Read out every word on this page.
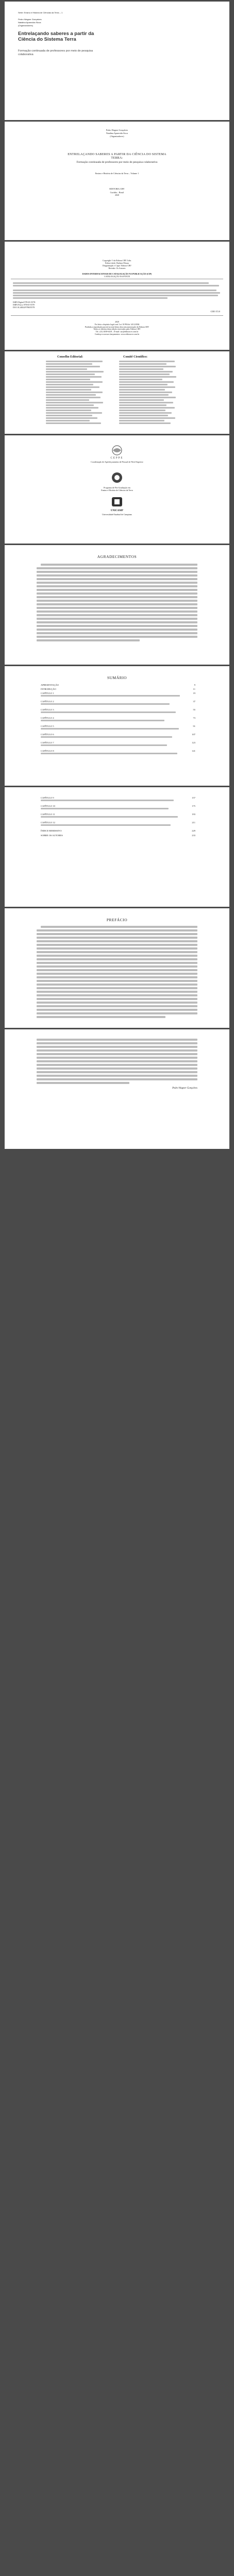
Série: Ensino e História de Ciências da Terra – 1
Pedro Wagner Gonçalves
Natalina Aparecida Sicca
(Organizadores)
Entrelaçando saberes a partir da Ciência do Sistema Terra
Formação continuada de professores por meio de pesquisa colaborativa
Pedro Wagner Gonçalves
Natalina Aparecida Sicca
(Organizadores)
ENTRELAÇANDO SABERES A PARTIR DA CIÊNCIA DO SISTEMA TERRA:
Formação continuada de professores por meio de pesquisa colaborativa
Ensino e História de Ciências da Terra – Volume 1
EDITORA CRV
Curitiba – Brasil
2020
Copyright © da Editora CRV Ltda.
Editor-chefe: Railson Moura
Diagramação e Capa: Editora CRV
Revisão: Os Autores
DADOS INTERNACIONAIS DE CATALOGAÇÃO NA PUBLICAÇÃO (CIP)
CATALOGAÇÃO NA FONTE
ISBN Digital 978-65-5578-
ISBN Físico 978-65-5578-
DOI 10.24824/978655578
CDD 372.8
2020
Foi feito o depósito legal conf. Lei 10.994 de 14/12/2004
Proibida a reprodução parcial ou total desta obra sem autorização da Editora CRV
Todos os direitos desta edição reservados pela: Editora CRV
Tel.: (41) 3039-6418 – E-mail: sac@editoracrv.com.br
Conheça os nossos lançamentos: www.editoracrv.com.br
Conselho Editorial:	Comitê Científico:
CEPPE
Coordenação de Aperfeiçoamento de Pessoal de Nível Superior
Programa de Pós-Graduação em
Ensino e História de Ciências da Terra
UNICAMP
Universidade Estadual de Campinas
AGRADECIMENTOS
SUMÁRIO
APRESENTAÇÃO	9
INTRODUÇÃO	11
CAPÍTULO 1	19
CAPÍTULO 2	37
CAPÍTULO 3	55
CAPÍTULO 4	73
CAPÍTULO 5	91
CAPÍTULO 6	107
CAPÍTULO 7	123
CAPÍTULO 8	141
CAPÍTULO 9	157
CAPÍTULO 10	175
CAPÍTULO 11	193
CAPÍTULO 12	211
ÍNDICE REMISSIVO	229
SOBRE OS AUTORES	233
PREFÁCIO
Pedro Wagner Gonçalves
